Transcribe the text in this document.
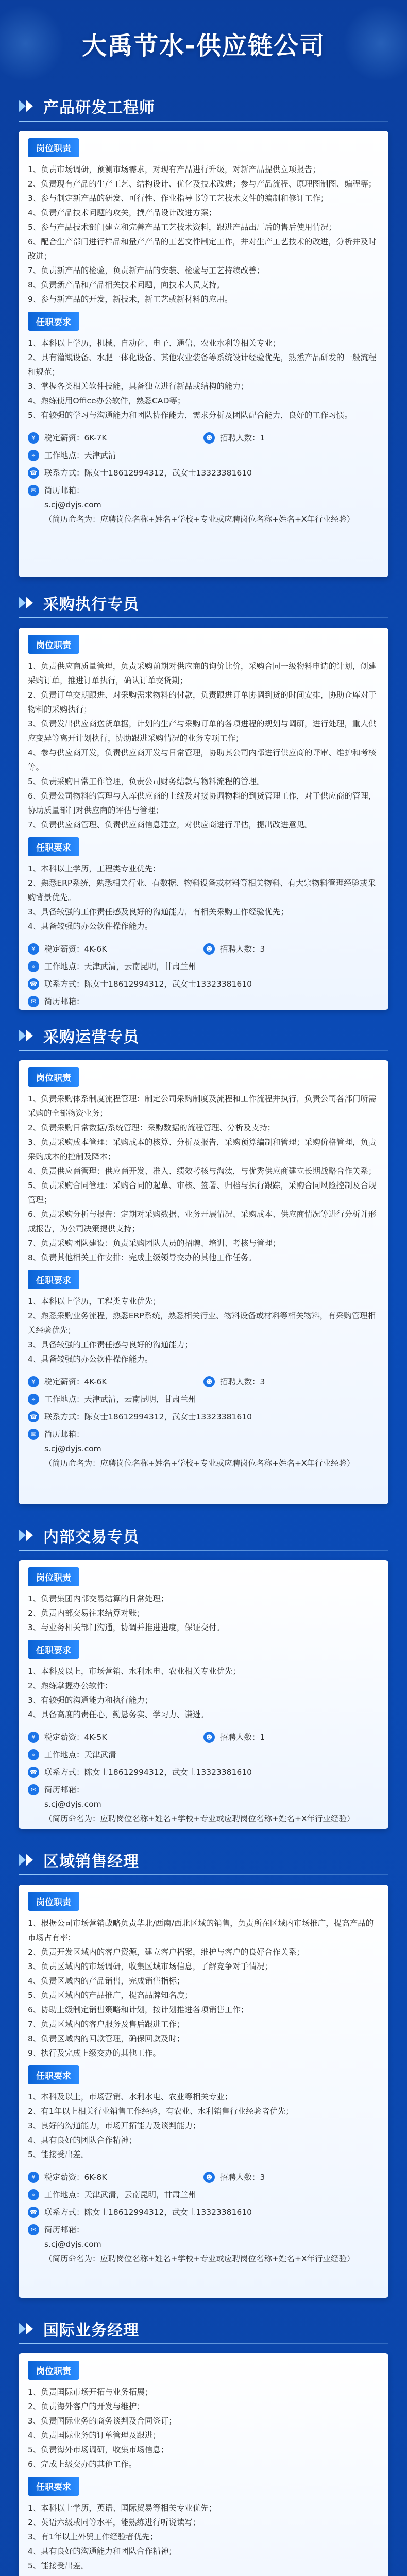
大禹节水-供应链公司
产品研发工程师
岗位职责
1、负责市场调研，预测市场需求，对现有产品进行升级，对新产品提供立项报告；
2、负责现有产品的生产工艺、结构设计、优化及技术改进；参与产品流程、原理图制图、编程等；
3、参与制定新产品的研发、可行性、作业指导书等工艺技术文件的编制和修订工作；
4、负责产品技术问题的攻关，撰产品设计改进方案；
5、参与产品技术部门建立和完善产品工艺技术资料，跟进产品出厂后的售后使用情况；
6、配合生产部门进行样品和量产产品的工艺文件制定工作，并对生产工艺技术的改进，分析并及时改进；
7、负责新产品的检验，负责新产品的安装、检验与工艺持续改善；
8、负责新产品和产品相关技术问题，向技术人员支持。
9、参与新产品的开发，新技术，新工艺或新材料的应用。
任职要求
1、本科以上学历，机械、自动化、电子、通信、农业水利等相关专业；
2、具有灌溉设备、水肥一体化设备、其他农业装备等系统设计经验优先，熟悉产品研发的一般流程和规范；
3、掌握各类相关软件技能，具备独立进行新品或结构的能力；
4、熟练使用Office办公软件，熟悉CAD等；
5、有较强的学习与沟通能力和团队协作能力，需求分析及团队配合能力，良好的工作习惯。
¥	税定薪资： 6K-7K	☻ 招聘人数： 1
⌖	工作地点： 天津武清
☎ 联系方式： 陈女士18612994312，武女士13323381610
✉	简历邮箱：
s.cj@dyjs.com
（简历命名为：应聘岗位名称+姓名+学校+专业或应聘岗位名称+姓名+X年行业经验）
采购执行专员
岗位职责
1、负责供应商质量管理，负责采购前期对供应商的询价比价，采购合同一级物料申请的计划，创建采购订单，推进订单执行，确认订单交货期；
2、负责订单交期跟进、对采购需求物料的付款，负责跟进订单协调到货的时间安排，协助仓库对于物料的采购执行；
3、负责发出供应商送货单据，计划的生产与采购订单的各项进程的规划与调研，进行处理，重大供应变异等离开计划执行，协助跟进采购情况的业务专项工作；
4、参与供应商开发，负责供应商开发与日常管理，协助其公司内部进行供应商的评审、维护和考核等。
5、负责采购日常工作管理，负责公司财务结款与物料流程的管理。
6、负责公司物料的管理与入库供应商的上线及对接协调物料的到货管理工作，对于供应商的管理，协助质量部门对供应商的评估与管理；
7、负责供应商管理、负责供应商信息建立，对供应商进行评估，提出改进意见。
任职要求
1、本科以上学历，工程类专业优先；
2、熟悉ERP系统，熟悉相关行业、有数据、物料设备或材料等相关物料、有大宗物料管理经验或采购背景优先。
3、具备较强的工作责任感及良好的沟通能力，有相关采购工作经验优先；
4、具备较强的办公软件操作能力。
¥	税定薪资： 4K-6K	☻ 招聘人数： 3
⌖	工作地点： 天津武清，云南昆明，甘肃兰州
☎ 联系方式： 陈女士18612994312，武女士13323381610
✉	简历邮箱：
采购运营专员
岗位职责
1、负责采购体系制度流程管理：制定公司采购制度及流程和工作流程并执行，负责公司各部门所需采购的全部物资业务；
2、负责采购日常数据/系统管理：采购数据的流程管理、分析及支持；
3、负责采购成本管理：采购成本的核算、分析及报告，采购预算编制和管理；采购价格管理，负责采购成本的控制及降本；
4、负责供应商管理：供应商开发、准入、绩效考核与淘汰，与优秀供应商建立长期战略合作关系；
5、负责采购合同管理：采购合同的起草、审核、签署、归档与执行跟踪，采购合同风险控制及合规管理；
6、负责采购分析与报告：定期对采购数据、业务开展情况、采购成本、供应商情况等进行分析并形成报告，为公司决策提供支持；
7、负责采购团队建设：负责采购团队人员的招聘、培训、考核与管理；
8、负责其他相关工作安排：完成上级领导交办的其他工作任务。
任职要求
1、本科以上学历，工程类专业优先；
2、熟悉采购业务流程，熟悉ERP系统，熟悉相关行业、物料设备或材料等相关物料，有采购管理相关经验优先；
3、具备较强的工作责任感与良好的沟通能力；
4、具备较强的办公软件操作能力。
¥	税定薪资： 4K-6K	☻ 招聘人数： 3
⌖	工作地点： 天津武清，云南昆明，甘肃兰州
☎ 联系方式： 陈女士18612994312，武女士13323381610
✉	简历邮箱：
s.cj@dyjs.com
（简历命名为：应聘岗位名称+姓名+学校+专业或应聘岗位名称+姓名+X年行业经验）
内部交易专员
岗位职责
1、负责集团内部交易结算的日常处理；
2、负责内部交易往来结算对账；
3、与业务相关部门沟通，协调并推进进度，保证交付。
任职要求
1、本科及以上，市场营销、水利水电、农业相关专业优先；
2、熟练掌握办公软件；
3、有较强的沟通能力和执行能力；
4、具备高度的责任心，勤恳务实、学习力、谦逊。
¥	税定薪资： 4K-5K	☻ 招聘人数： 1
⌖	工作地点： 天津武清
☎ 联系方式： 陈女士18612994312，武女士13323381610
✉	简历邮箱：
s.cj@dyjs.com
（简历命名为：应聘岗位名称+姓名+学校+专业或应聘岗位名称+姓名+X年行业经验）
区域销售经理
岗位职责
1、根据公司市场营销战略负责华北/西南/西北区域的销售，负责所在区域内市场推广，提高产品的市场占有率；
2、负责开发区域内的客户资源，建立客户档案，维护与客户的良好合作关系；
3、负责区域内的市场调研，收集区域市场信息，了解竞争对手情况；
4、负责区域内的产品销售，完成销售指标；
5、负责区域内的产品推广，提高品牌知名度；
6、协助上级制定销售策略和计划，按计划推进各项销售工作；
7、负责区域内的客户服务及售后跟进工作；
8、负责区域内的回款管理，确保回款及时；
9、执行及完成上级交办的其他工作。
任职要求
1、本科及以上，市场营销、水利水电、农业等相关专业；
2、有1年以上相关行业销售工作经验，有农业、水利销售行业经验者优先；
3、良好的沟通能力，市场开拓能力及谈判能力；
4、具有良好的团队合作精神；
5、能接受出差。
¥	税定薪资： 6K-8K	☻ 招聘人数： 3
⌖	工作地点： 天津武清，云南昆明，甘肃兰州
☎ 联系方式： 陈女士18612994312，武女士13323381610
✉	简历邮箱：
s.cj@dyjs.com
（简历命名为：应聘岗位名称+姓名+学校+专业或应聘岗位名称+姓名+X年行业经验）
国际业务经理
岗位职责
1、负责国际市场开拓与业务拓展；
2、负责海外客户的开发与维护；
3、负责国际业务的商务谈判及合同签订；
4、负责国际业务的订单管理及跟进；
5、负责海外市场调研，收集市场信息；
6、完成上级交办的其他工作。
任职要求
1、本科以上学历，英语、国际贸易等相关专业优先；
2、英语六级或同等水平，能熟练进行听说读写；
3、有1年以上外贸工作经验者优先；
4、具有良好的沟通能力和团队合作精神；
5、能接受出差。
